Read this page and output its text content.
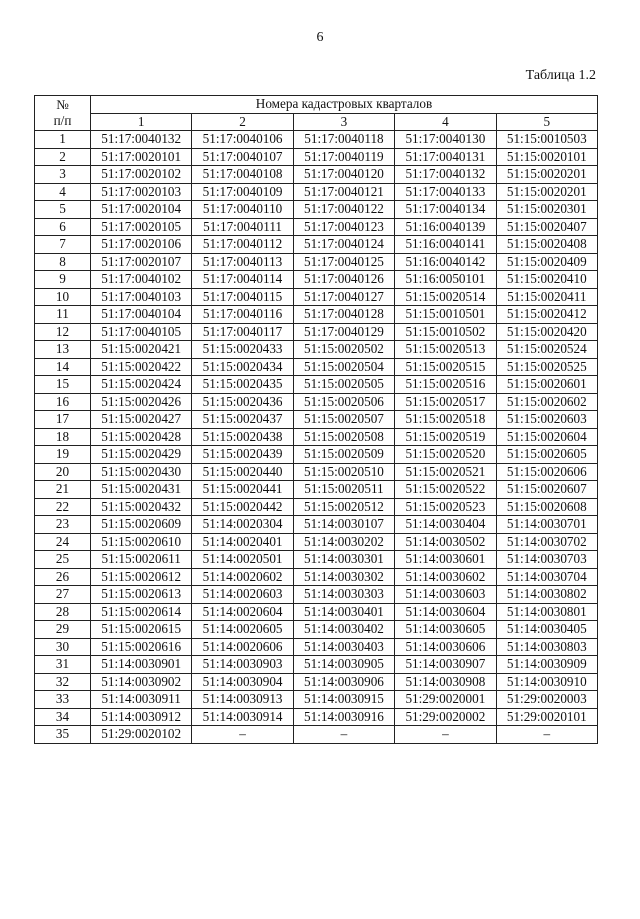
6
Таблица 1.2
№
п/п	Номера кадастровых кварталов				
	1	2	3	4	5
1	51:17:0040132	51:17:0040106	51:17:0040118	51:17:0040130	51:15:0010503
2	51:17:0020101	51:17:0040107	51:17:0040119	51:17:0040131	51:15:0020101
3	51:17:0020102	51:17:0040108	51:17:0040120	51:17:0040132	51:15:0020201
4	51:17:0020103	51:17:0040109	51:17:0040121	51:17:0040133	51:15:0020201
5	51:17:0020104	51:17:0040110	51:17:0040122	51:17:0040134	51:15:0020301
6	51:17:0020105	51:17:0040111	51:17:0040123	51:16:0040139	51:15:0020407
7	51:17:0020106	51:17:0040112	51:17:0040124	51:16:0040141	51:15:0020408
8	51:17:0020107	51:17:0040113	51:17:0040125	51:16:0040142	51:15:0020409
9	51:17:0040102	51:17:0040114	51:17:0040126	51:16:0050101	51:15:0020410
10	51:17:0040103	51:17:0040115	51:17:0040127	51:15:0020514	51:15:0020411
11	51:17:0040104	51:17:0040116	51:17:0040128	51:15:0010501	51:15:0020412
12	51:17:0040105	51:17:0040117	51:17:0040129	51:15:0010502	51:15:0020420
13	51:15:0020421	51:15:0020433	51:15:0020502	51:15:0020513	51:15:0020524
14	51:15:0020422	51:15:0020434	51:15:0020504	51:15:0020515	51:15:0020525
15	51:15:0020424	51:15:0020435	51:15:0020505	51:15:0020516	51:15:0020601
16	51:15:0020426	51:15:0020436	51:15:0020506	51:15:0020517	51:15:0020602
17	51:15:0020427	51:15:0020437	51:15:0020507	51:15:0020518	51:15:0020603
18	51:15:0020428	51:15:0020438	51:15:0020508	51:15:0020519	51:15:0020604
19	51:15:0020429	51:15:0020439	51:15:0020509	51:15:0020520	51:15:0020605
20	51:15:0020430	51:15:0020440	51:15:0020510	51:15:0020521	51:15:0020606
21	51:15:0020431	51:15:0020441	51:15:0020511	51:15:0020522	51:15:0020607
22	51:15:0020432	51:15:0020442	51:15:0020512	51:15:0020523	51:15:0020608
23	51:15:0020609	51:14:0020304	51:14:0030107	51:14:0030404	51:14:0030701
24	51:15:0020610	51:14:0020401	51:14:0030202	51:14:0030502	51:14:0030702
25	51:15:0020611	51:14:0020501	51:14:0030301	51:14:0030601	51:14:0030703
26	51:15:0020612	51:14:0020602	51:14:0030302	51:14:0030602	51:14:0030704
27	51:15:0020613	51:14:0020603	51:14:0030303	51:14:0030603	51:14:0030802
28	51:15:0020614	51:14:0020604	51:14:0030401	51:14:0030604	51:14:0030801
29	51:15:0020615	51:14:0020605	51:14:0030402	51:14:0030605	51:14:0030405
30	51:15:0020616	51:14:0020606	51:14:0030403	51:14:0030606	51:14:0030803
31	51:14:0030901	51:14:0030903	51:14:0030905	51:14:0030907	51:14:0030909
32	51:14:0030902	51:14:0030904	51:14:0030906	51:14:0030908	51:14:0030910
33	51:14:0030911	51:14:0030913	51:14:0030915	51:29:0020001	51:29:0020003
34	51:14:0030912	51:14:0030914	51:14:0030916	51:29:0020002	51:29:0020101
35	51:29:0020102	–	–	–	–
